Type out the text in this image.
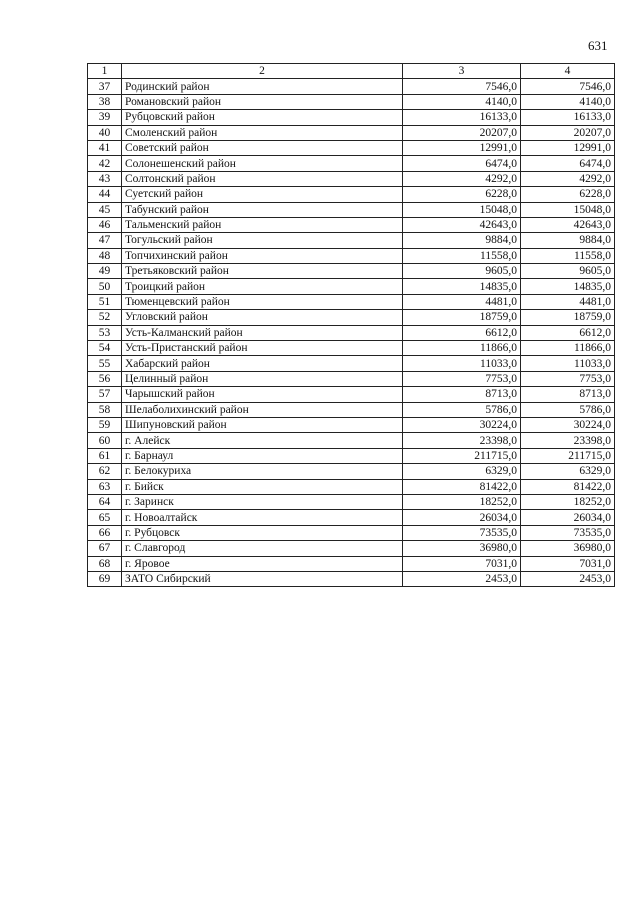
631
1	2	3	4
37	Родинский район	7546,0	7546,0
38	Романовский район	4140,0	4140,0
39	Рубцовский район	16133,0	16133,0
40	Смоленский район	20207,0	20207,0
41	Советский район	12991,0	12991,0
42	Солонешенский район	6474,0	6474,0
43	Солтонский район	4292,0	4292,0
44	Суетский район	6228,0	6228,0
45	Табунский район	15048,0	15048,0
46	Тальменский район	42643,0	42643,0
47	Тогульский район	9884,0	9884,0
48	Топчихинский район	11558,0	11558,0
49	Третьяковский район	9605,0	9605,0
50	Троицкий район	14835,0	14835,0
51	Тюменцевский район	4481,0	4481,0
52	Угловский район	18759,0	18759,0
53	Усть-Калманский район	6612,0	6612,0
54	Усть-Пристанский район	11866,0	11866,0
55	Хабарский район	11033,0	11033,0
56	Целинный район	7753,0	7753,0
57	Чарышский район	8713,0	8713,0
58	Шелаболихинский район	5786,0	5786,0
59	Шипуновский район	30224,0	30224,0
60	г. Алейск	23398,0	23398,0
61	г. Барнаул	211715,0	211715,0
62	г. Белокуриха	6329,0	6329,0
63	г. Бийск	81422,0	81422,0
64	г. Заринск	18252,0	18252,0
65	г. Новоалтайск	26034,0	26034,0
66	г. Рубцовск	73535,0	73535,0
67	г. Славгород	36980,0	36980,0
68	г. Яровое	7031,0	7031,0
69	ЗАТО Сибирский	2453,0	2453,0
